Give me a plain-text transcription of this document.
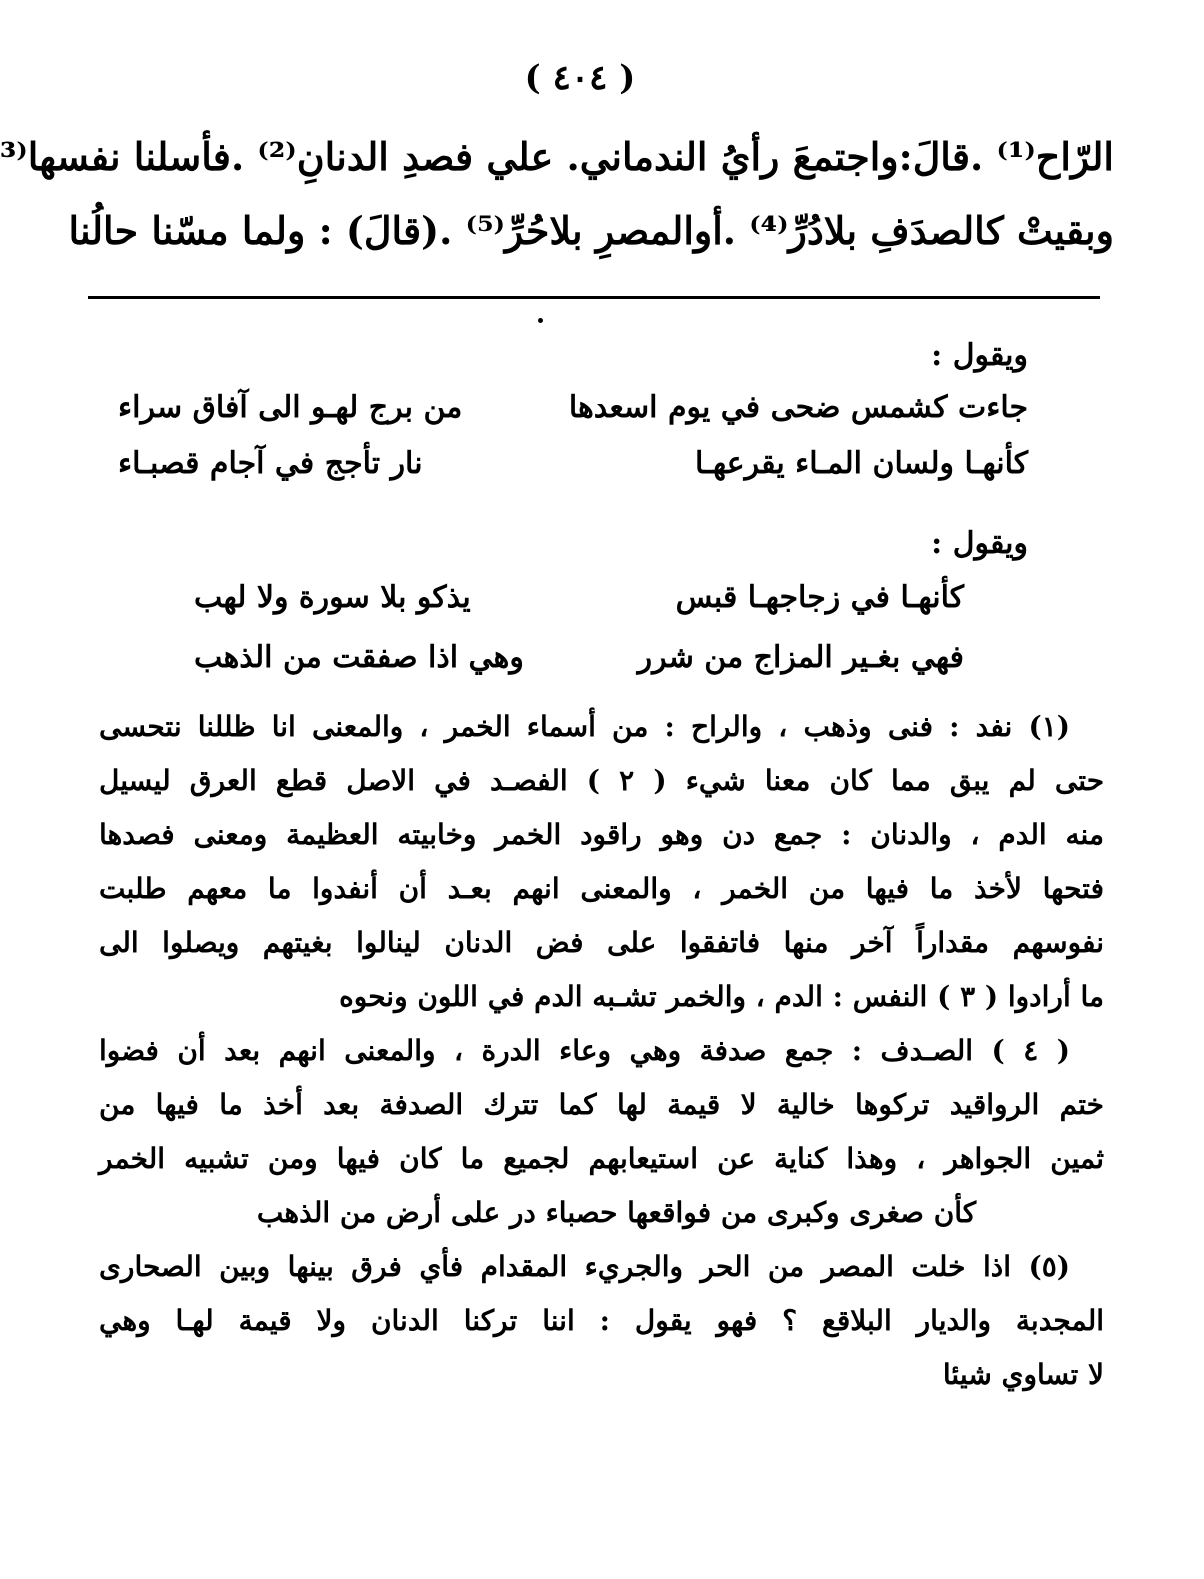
( ٤٠٤ )
الرّاح⁽¹⁾ .قالَ:واجتمعَ رأيُ الندماني. علي فصدِ الدنانِ⁽²⁾ .فأسلنا نفسها⁽³
وبقيتْ كالصدَفِ بلادُرِّ⁽⁴⁾ .أوالمصرِ بلاحُرِّ⁽⁵⁾ .(قالَ) : ولما مسّنا حالُنا
ويقول :
جاءت كشمس ضحى في يوم اسعدها
من برج لهـو الى آفاق سراء
كأنهـا ولسان المـاء يقرعهـا
نار تأجج في آجام قصبـاء
ويقول :
كأنهـا في زجاجهـا قبس
يذكو بلا سورة ولا لهب
فهي بغـير المزاج من شرر
وهي اذا صفقت من الذهب
(١) نفد : فنى وذهب ، والراح : من أسماء الخمر ، والمعنى انا ظللنا نتحسى
حتى لم يبق مما كان معنا شيء ( ٢ ) الفصـد في الاصل قطع العرق ليسيل
منه الدم ، والدنان : جمع دن وهو راقود الخمر وخابيته العظيمة ومعنى فصدها
فتحها لأخذ ما فيها من الخمر ، والمعنى انهم بعـد أن أنفدوا ما معهم طلبت
نفوسهم مقداراً آخر منها فاتفقوا على فض الدنان لينالوا بغيتهم ويصلوا الى
ما أرادوا ( ٣ ) النفس : الدم ، والخمر تشـبه الدم في اللون ونحوه
( ٤ ) الصـدف : جمع صدفة وهي وعاء الدرة ، والمعنى انهم بعد أن فضوا
ختم الرواقيد تركوها خالية لا قيمة لها كما تترك الصدفة بعد أخذ ما فيها من
ثمين الجواهر ، وهذا كناية عن استيعابهم لجميع ما كان فيها ومن تشبيه الخمر
كأن صغرى وكبرى من فواقعها حصباء در على أرض من الذهب
(٥) اذا خلت المصر من الحر والجريء المقدام فأي فرق بينها وبين الصحارى
المجدبة والديار البلاقع ؟ فهو يقول : اننا تركنا الدنان ولا قيمة لهـا وهي
لا تساوي شيئا
